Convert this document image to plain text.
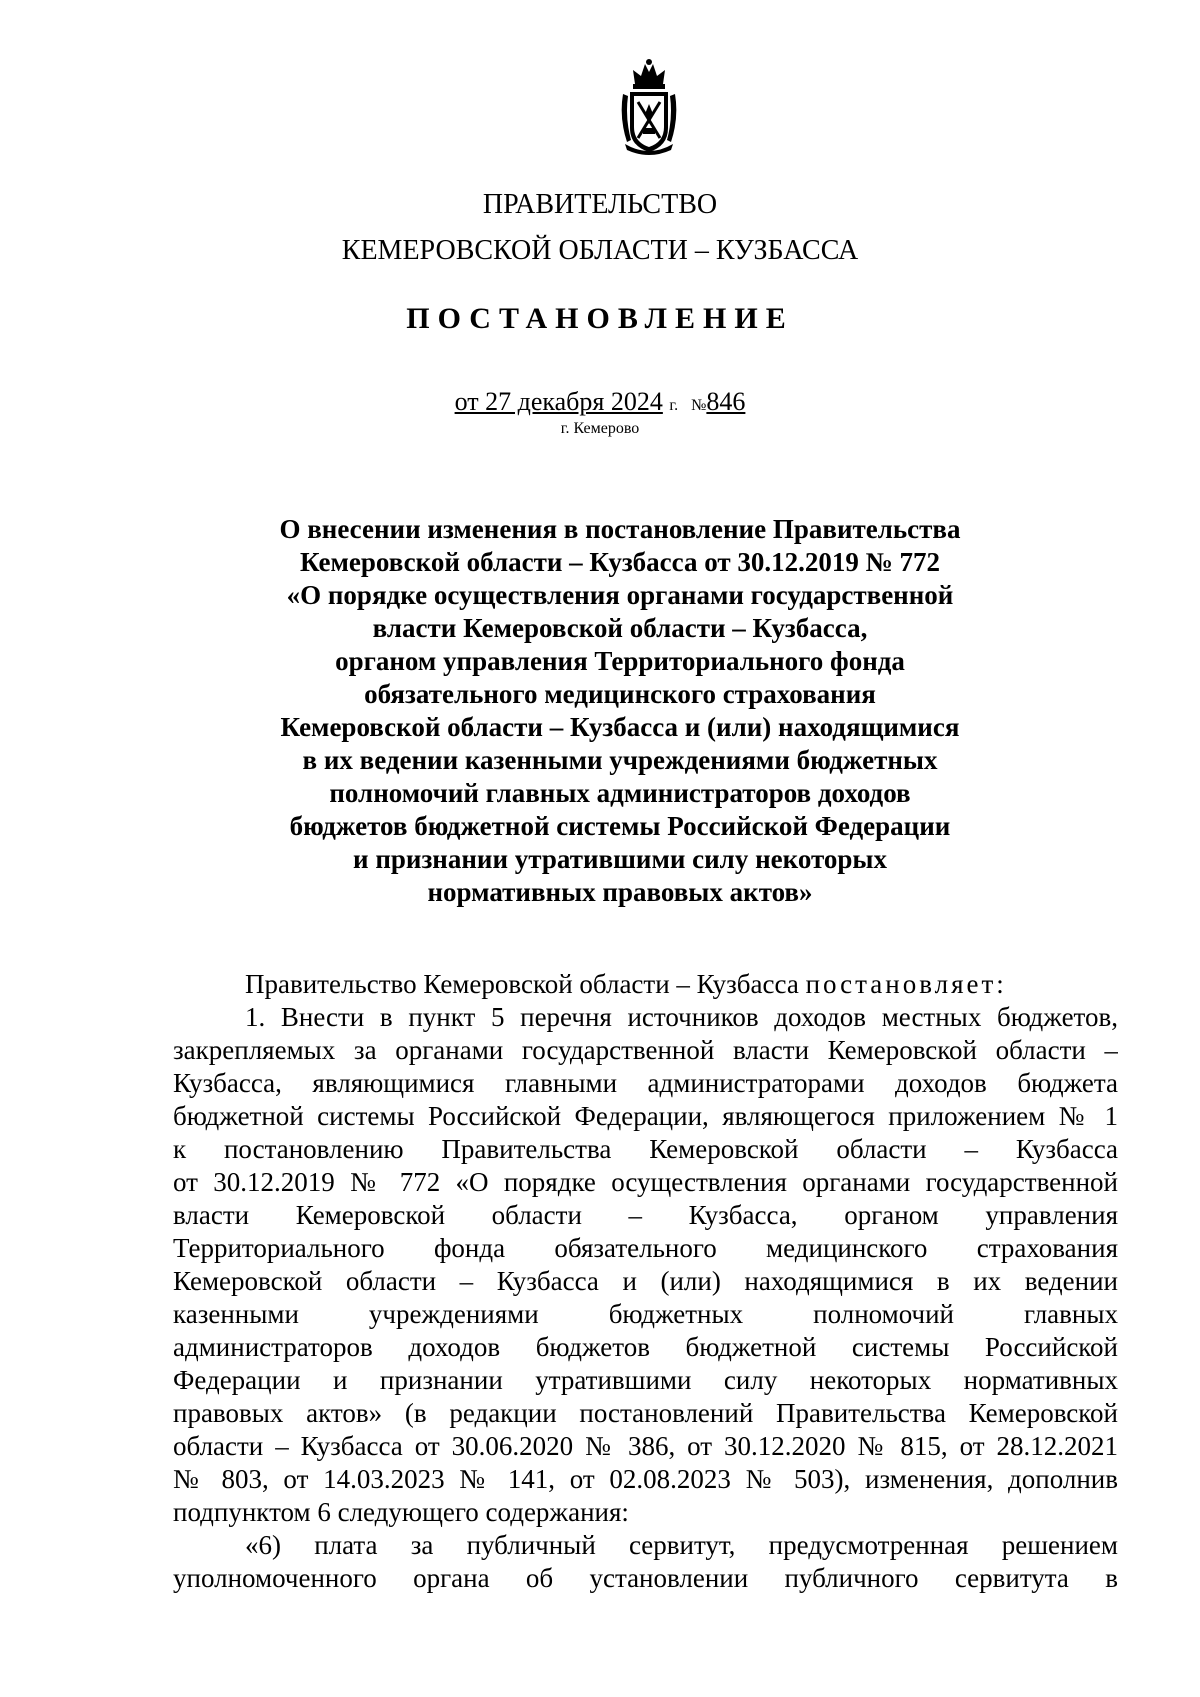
ПРАВИТЕЛЬСТВО
КЕМЕРОВСКОЙ ОБЛАСТИ – КУЗБАССА
ПОСТАНОВЛЕНИЕ
от 27 декабря 2024 г. №846
г. Кемерово
О внесении изменения в постановление Правительства
Кемеровской области – Кузбасса от 30.12.2019 № 772
«О порядке осуществления органами государственной
власти Кемеровской области – Кузбасса,
органом управления Территориального фонда
обязательного медицинского страхования
Кемеровской области – Кузбасса и (или) находящимися
в их ведении казенными учреждениями бюджетных
полномочий главных администраторов доходов
бюджетов бюджетной системы Российской Федерации
и признании утратившими силу некоторых
нормативных правовых актов»
Правительство Кемеровской области – Кузбасса постановляет:
1. Внести в пункт 5 перечня источников доходов местных бюджетов,
закрепляемых за органами государственной власти Кемеровской области –
Кузбасса, являющимися главными администраторами доходов бюджета
бюджетной системы Российской Федерации, являющегося приложением № 1
к постановлению Правительства Кемеровской области – Кузбасса
от 30.12.2019 № 772 «О порядке осуществления органами государственной
власти Кемеровской области – Кузбасса, органом управления
Территориального фонда обязательного медицинского страхования
Кемеровской области – Кузбасса и (или) находящимися в их ведении
казенными учреждениями бюджетных полномочий главных
администраторов доходов бюджетов бюджетной системы Российской
Федерации и признании утратившими силу некоторых нормативных
правовых актов» (в редакции постановлений Правительства Кемеровской
области – Кузбасса от 30.06.2020 № 386, от 30.12.2020 № 815, от 28.12.2021
№ 803, от 14.03.2023 № 141, от 02.08.2023 № 503), изменения, дополнив
подпунктом 6 следующего содержания:
«6) плата за публичный сервитут, предусмотренная решением
уполномоченного органа об установлении публичного сервитута в
